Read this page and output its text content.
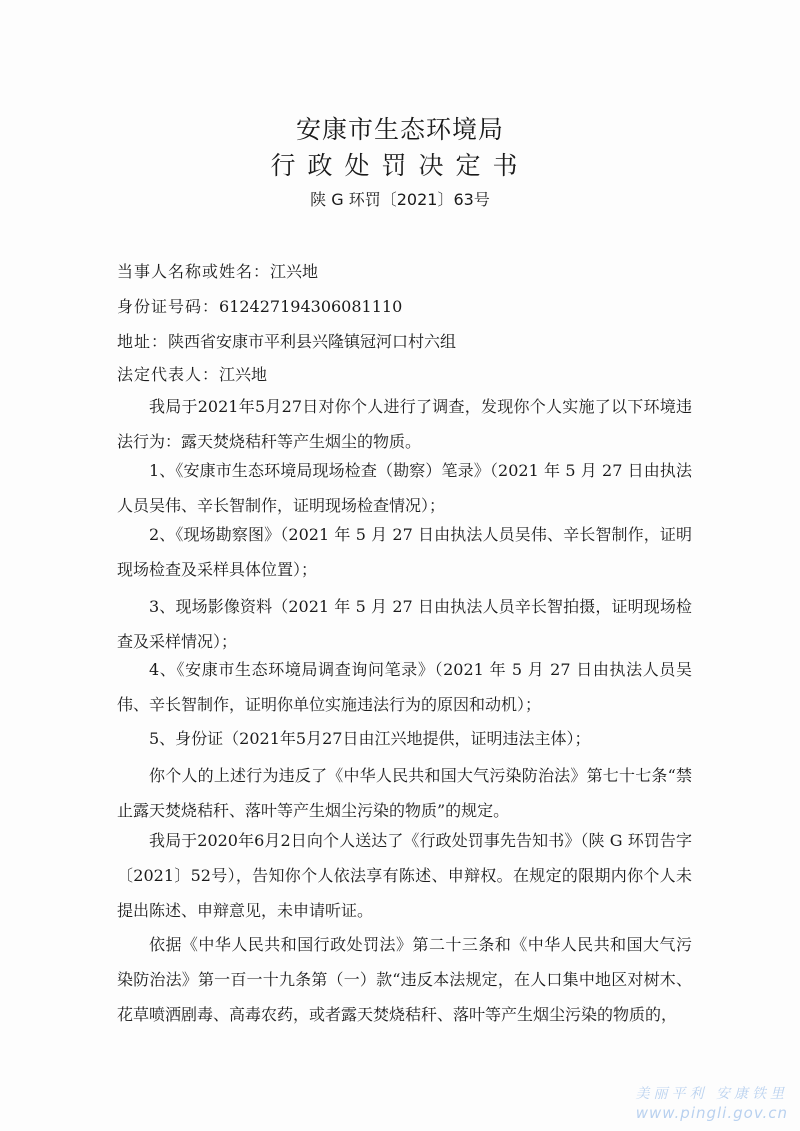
安康市生态环境局
行政处罚决定书
陕 G 环罚〔2021〕63号
当事人名称或姓名：江兴地
身份证号码：612427194306081110
地址：陕西省安康市平利县兴隆镇冠河口村六组
法定代表人：江兴地
我局于2021年5月27日对你个人进行了调查，发现你个人实施了以下环境违法行为：露天焚烧秸秆等产生烟尘的物质。
1、《安康市生态环境局现场检查（勘察）笔录》（2021 年 5 月 27 日由执法人员吴伟、辛长智制作，证明现场检查情况）；
2、《现场勘察图》（2021 年 5 月 27 日由执法人员吴伟、辛长智制作，证明现场检查及采样具体位置）；
3、现场影像资料（2021 年 5 月 27 日由执法人员辛长智拍摄，证明现场检查及采样情况）；
4、《安康市生态环境局调查询问笔录》（2021 年 5 月 27 日由执法人员吴伟、辛长智制作，证明你单位实施违法行为的原因和动机）；
5、身份证（2021年5月27日由江兴地提供，证明违法主体）；
你个人的上述行为违反了《中华人民共和国大气污染防治法》第七十七条“禁止露天焚烧秸秆、落叶等产生烟尘污染的物质”的规定。
我局于2020年6月2日向个人送达了《行政处罚事先告知书》（陕 G 环罚告字〔2021〕52号），告知你个人依法享有陈述、申辩权。在规定的限期内你个人未提出陈述、申辩意见，未申请听证。
依据《中华人民共和国行政处罚法》第二十三条和《中华人民共和国大气污染防治法》第一百一十九条第（一）款“违反本法规定，在人口集中地区对树木、花草喷洒剧毒、高毒农药，或者露天焚烧秸秆、落叶等产生烟尘污染的物质的，
美丽平利 安康铁里
www.pingli.gov.cn
